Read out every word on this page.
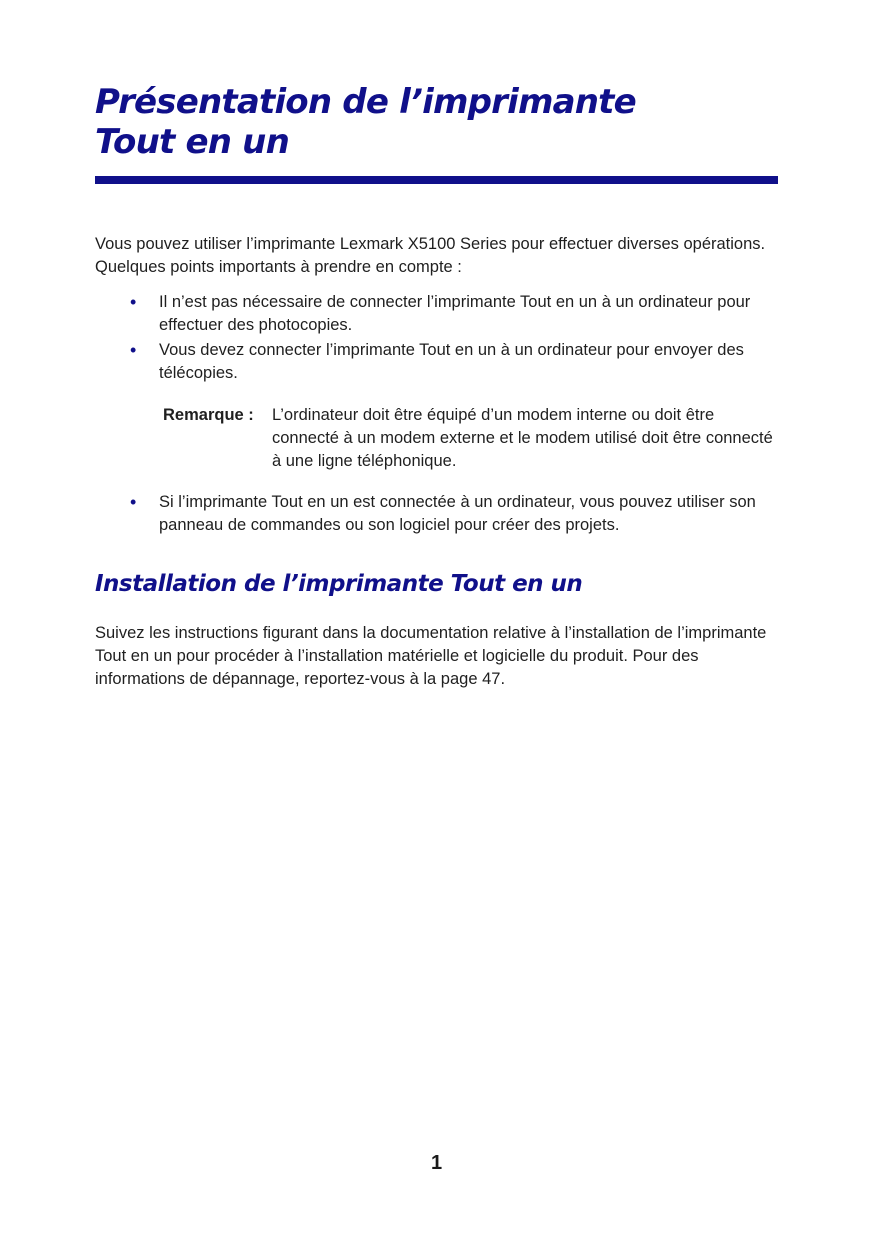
Présentation de l’imprimante
Tout en un

Vous pouvez utiliser l’imprimante Lexmark X5100 Series pour effectuer diverses opérations. Quelques points importants à prendre en compte :

• Il n’est pas nécessaire de connecter l’imprimante Tout en un à un ordinateur pour effectuer des photocopies.
• Vous devez connecter l’imprimante Tout en un à un ordinateur pour envoyer des télécopies.
Remarque : L’ordinateur doit être équipé d’un modem interne ou doit être connecté à un modem externe et le modem utilisé doit être connecté à une ligne téléphonique.

• Si l’imprimante Tout en un est connectée à un ordinateur, vous pouvez utiliser son panneau de commandes ou son logiciel pour créer des projets.
Installation de l’imprimante Tout en un

Suivez les instructions figurant dans la documentation relative à l’installation de l’imprimante Tout en un pour procéder à l’installation matérielle et logicielle du produit. Pour des informations de dépannage, reportez-vous à la page 47.

1
